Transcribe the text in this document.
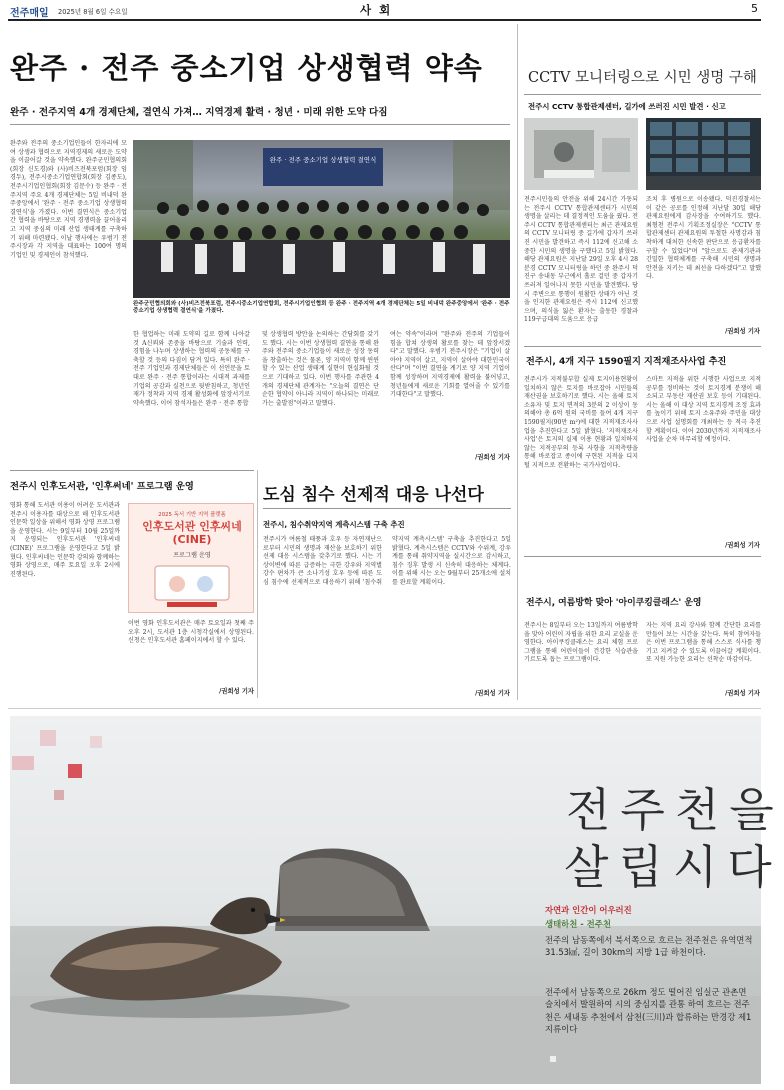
전주매일 2025년 8월 6일 수요일	사 회	5
완주 · 전주 중소기업 상생협력 약속
완주 · 전주지역 4개 경제단체, 결연식 가져… 지역경제 활력 · 청년 · 미래 위한 도약 다짐
완주와 전주의 중소기업인들이 한자리에 모여 상생과 협력으로 지역경제의 새로운 도약을 이끌어갈 것을 약속했다. 완주군민협의회(회장 신도경)와 (사)비즈전북포럼(회장 임경두), 전주시중소기업연합회(회장 김종도), 전주시기업인협회(회장 김문수) 등 완주 · 전주지역 주요 4개 경제단체는 5일 비내덕 완주중앙에서 '완주 · 전주 중소기업 상생협력 결연식'을 가졌다. 이번 결연식은 중소기업 간 협력을 바탕으로 지역 경쟁력을 끌어올리고 지역 중심의 미래 산업 생태계를 구축하기 위해 마련됐다. 이날 행사에는 우범기 전주시장과 각 지역을 대표하는 100여 명의 기업인 및 경제인이 참석했다.
완주 · 전주 중소기업 상생협력 결연식
완주군민협의회와 (사)비즈전북포럼, 전주시중소기업연합회, 전주시기업인협회 등 완주 · 전주지역 4개 경제단체는 5일 비내덕 완주중앙에서 '완주 · 전주 중소기업 상생협력 결연식'을 가졌다.
한 협업하는 미래 도약의 길로 함께 나아갈 것 A신뢰와 존중을 바탕으로 기술과 인력, 경험을 나누며 상생하는 협력의 공동체를 구축할 것 등의 다짐이 담겨 있다. 특히 완주 · 전주 기업인과 경제단체들은 이 선언문을 토대로 완주 · 전주 통합이라는 시대적 과제를 기업의 공감과 실천으로 뒷받침하고, 청년인재가 정착과 지역 경제 활성화에 앞장서기로 약속했다. 이어 참석자들은 완주 · 전주 통합
및 상생협력 방안을 논의하는 간담회를 갖기도 했다. 시는 이번 상생협력 결연을 통해 완주와 전주의 중소기업들이 새로운 성장 동력을 창출하는 것은 물론, 양 지역이 함께 윈윈할 수 있는 산업 생태계 실현이 현실화될 것으로 기대하고 있다. 이번 행사를 주관한 4개의 경제단체 관계자는 "오늘의 결연은 단순한 협약이 아니라 지역이 하나되는 미래로 가는 출발점"이라고 말했다.
여는 약속"이라며 "완주와 전주의 기업들이 힘을 합쳐 상생의 활로를 찾는 데 앞장서겠다"고 말했다. 우범기 전주시장은 "기업이 살아야 지역이 살고, 지역이 살아야 대한민국이 산다"며 "이번 결연을 계기로 양 지역 기업이 함께 성장하며 지역경제에 활력을 불어넣고, 청년들에게 새로운 기회를 열어줄 수 있기를 기대한다"고 말했다.
/권희성 기자
CCTV 모니터링으로 시민 생명 구해
전주시 CCTV 통합관제센터, 길가에 쓰러진 시민 발견 · 신고
전주시민들의 안전을 위해 24시간 가동되는 전주시 CCTV 통합관제센터가 시민의 생명을 살리는 데 결정적인 도움을 줬다. 전주시 CCTV 통합관제센터는 최근 관제요원의 CCTV 모니터링 중 길가에 갑자기 쓰러진 시민을 발견하고 즉시 112에 신고해 소중한 시민의 생명을 구했다고 5일 밝혔다. 해당 관제요원은 지난달 29일 오후 4시 28분경 CCTV 모니터링을 하던 중 완주시 덕진구 송내동 부근에서 홀로 걸던 중 갑자기 쓰러져 일어나지 못한 시민을 발견했다. 당시 주변으로 통행이 원활한 상태가 아닌 것을 인지한 관제요원은 즉시 112에 신고했으며, 의식을 잃은 환자는 출동한 경찰과 119구급대의 도움으로 응급
조치 후 병원으로 이송됐다. 덕진경찰서는 이 같은 공로를 인정해 지난달 30일 해당 관제요원에게 감사장을 수여하기도 했다. 최형천 전주시 기획조정실장은 "CCTV 통합관제센터 관제요원의 투철한 사명감과 침착하게 대처한 신속한 판단으로 응급환자를 구할 수 있었다"며 "앞으로도 관제기관과 긴밀한 협력체계를 구축해 시민의 생명과 안전을 지키는 데 최선을 다하겠다"고 말했다.
/권희성 기자
전주시, 4개 지구 1590필지 지적재조사사업 추진
전주시가 지적불부합 실제 토지이용현황이 일치하지 않은 토지를 바로잡아 시민들의 재산권을 보호하기로 했다. 시는 올해 토지소유자 및 토지 면적의 3분의 2 이상이 동의해야 총 6억 원의 국비를 들여 4개 지구 1590필지(90만 m²)에 대한 지적재조사사업을 추진한다고 5일 밝혔다. '지적재조사사업'은 토지의 실제 이용 현황과 일치하지 않는 지적공부의 등록 사항을 지적측량을 통해 바로잡고 종이에 구현된 지적을 디지털 지적으로 전환하는 국가사업이다.
스마트 지적을 위한 시행한 사업으로 지적공부를 정비하는 것이 토지경계 분쟁이 해소되고 부동산 재산권 보호 등이 기대된다. 시는 올해 이 대상 지역 토지경계 조정 효과를 높이기 위해 토지 소유주와 주민을 대상으로 사업 설명회를 개최하는 등 적극 추진할 계획이다. 이어 2030년까지 지적재조사사업을 순차 마무리할 예정이다.
/권희성 기자
전주시, 여름방학 맞아 '아이쿠킹클래스' 운영
전주시는 8일부터 오는 13일까지 여름방학을 맞아 어린이 자립을 위한 요리 교실을 운영한다. 아이쿠킹클래스는 요리 체험 프로그램을 통해 어린이들이 건강한 식습관을 기르도록 돕는 프로그램이다.
자는 지역 요리 강사와 함께 간단한 요리를 만들어 보는 시간을 갖는다. 특히 참여자들은 이번 프로그램을 통해 스스로 식사를 챙기고 지켜갈 수 있도록 이끌어갈 계획이다. 또 지원 가능한 요리는 선착순 마감이다.
/권희성 기자
전주시 인후도서관, '인후써네' 프로그램 운영
영화 통해 도서관 이용이 어려운 도서관과 전주시 이용자를 대상으로 해 인후도서관 인문학 일상을 위해서 영화 상영 프로그램을 운영한다. 시는 9일부터 10월 25일까지 운영되는 인후도서관 '인후씨네(CINE)' 프로그램을 운영한다고 5일 밝혔다. 인후씨네는 인문학 강의와 함께하는 영화 상영으로, 매주 토요일 오후 2시에 진행된다.
2025 독서 기반 지역 플랫폼
인후도서관 인후씨네(CINE)
프로그램 운영
이번 영화 인후도서관은 매주 토요일과 첫째 주 오후 2시, 도서관 1층 시청각실에서 상영된다. 신청은 인후도서관 홈페이지에서 할 수 있다.
/권희성 기자
도심 침수 선제적 대응 나선다
전주시, 침수취약지역 계측시스템 구축 추진
전주시가 여름철 태풍과 호우 등 자연재난으로부터 시민의 생명과 재산을 보호하기 위한 선제 대응 시스템을 갖추기로 했다. 시는 기상이변에 따른 급증하는 극한 강우와 지역별 강수 편차가 큰 소나기성 호우 등에 따른 도심 침수에 선제적으로 대응하기 위해 '침수취약지역 계측시스템' 구축을 추진한다고 5일 밝혔다. 계측시스템은 CCTV와 수위계, 강우계를 통해 취약지역을 실시간으로 감시하고, 침수 징후 발생 시 신속히 대응하는 체계다. 이를 위해 시는 오는 9월부터 25개소에 설치를 완료할 계획이다.
/권희성 기자
전주천을
살립시다
자연과 인간이 어우러진
생태하천 - 전주천
전주의 남동쪽에서 북서쪽으로 흐르는 전주천은 유역면적 31.53㎢, 길이 30km의 지방 1급 하천이다.
전주에서 남동쪽으로 26km 정도 떨어진 임실군 관촌면 슬치에서 발원하여 시의 중심지를 관통 하여 흐르는 전주천은 세내동 추천에서 삼천(三川)과 합류하는 만경강 제1지류이다
